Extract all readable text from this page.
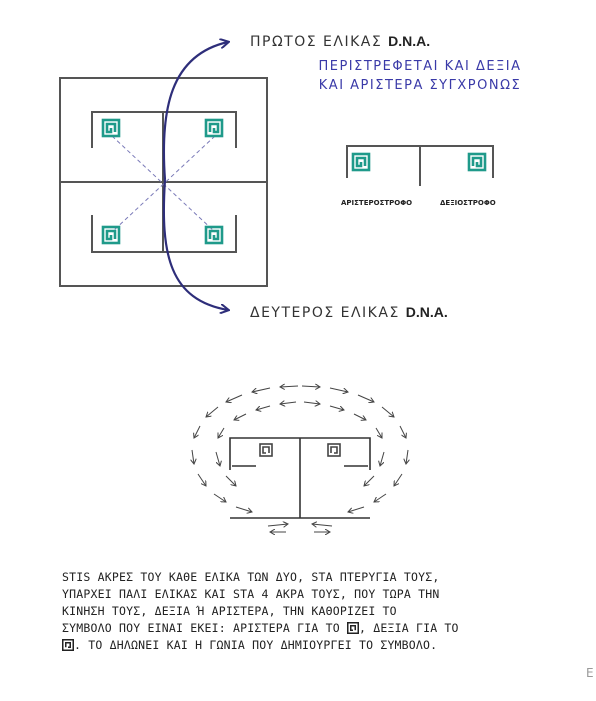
ΠΡΩΤΟΣ ΕΛΙΚΑΣ D.N.A.
ΠΕΡΙΣΤΡΕΦΕΤΑΙ ΚΑΙ ΔΕΞΙΑ
ΚΑΙ ΑΡΙΣΤΕΡΑ ΣΥΓΧΡΟΝΩΣ
ΑΡΙΣΤΕΡΟΣΤΡΟΦΟ	ΔΕΞΙΟΣΤΡΟΦΟ
ΔΕΥΤΕΡΟΣ ΕΛΙΚΑΣ D.N.A.

STIS ΑΚΡΕΣ ΤΟΥ ΚΑΘΕ ΕΛΙΚΑ ΤΩΝ ΔΥΟ, STA ΠΤΕΡΥΓΙΑ ΤΟΥΣ,

ΥΠΑΡΧΕΙ ΠΑΛΙ ΕΛΙΚΑΣ ΚΑΙ STA 4 ΑΚΡΑ ΤΟΥΣ, ΠΟΥ ΤΩΡΑ ΤΗΝ

ΚΙΝΗΣΗ ΤΟΥΣ, ΔΕΞΙΑ Ή ΑΡΙΣΤΕΡΑ, ΤΗΝ ΚΑΘΟΡΙΖΕΙ ΤΟ

ΣΥΜΒΟΛΟ ΠΟΥ ΕΙΝΑΙ ΕΚΕΙ: ΑΡΙΣΤΕΡΑ ΓΙΑ ΤΟ , ΔΕΞΙΑ ΓΙΑ ΤΟ

. ΤΟ ΔΗΛΩΝΕΙ ΚΑΙ Η ΓΩΝΙΑ ΠΟΥ ΔΗΜΙΟΥΡΓΕΙ ΤΟ ΣΥΜΒΟΛΟ.

E
